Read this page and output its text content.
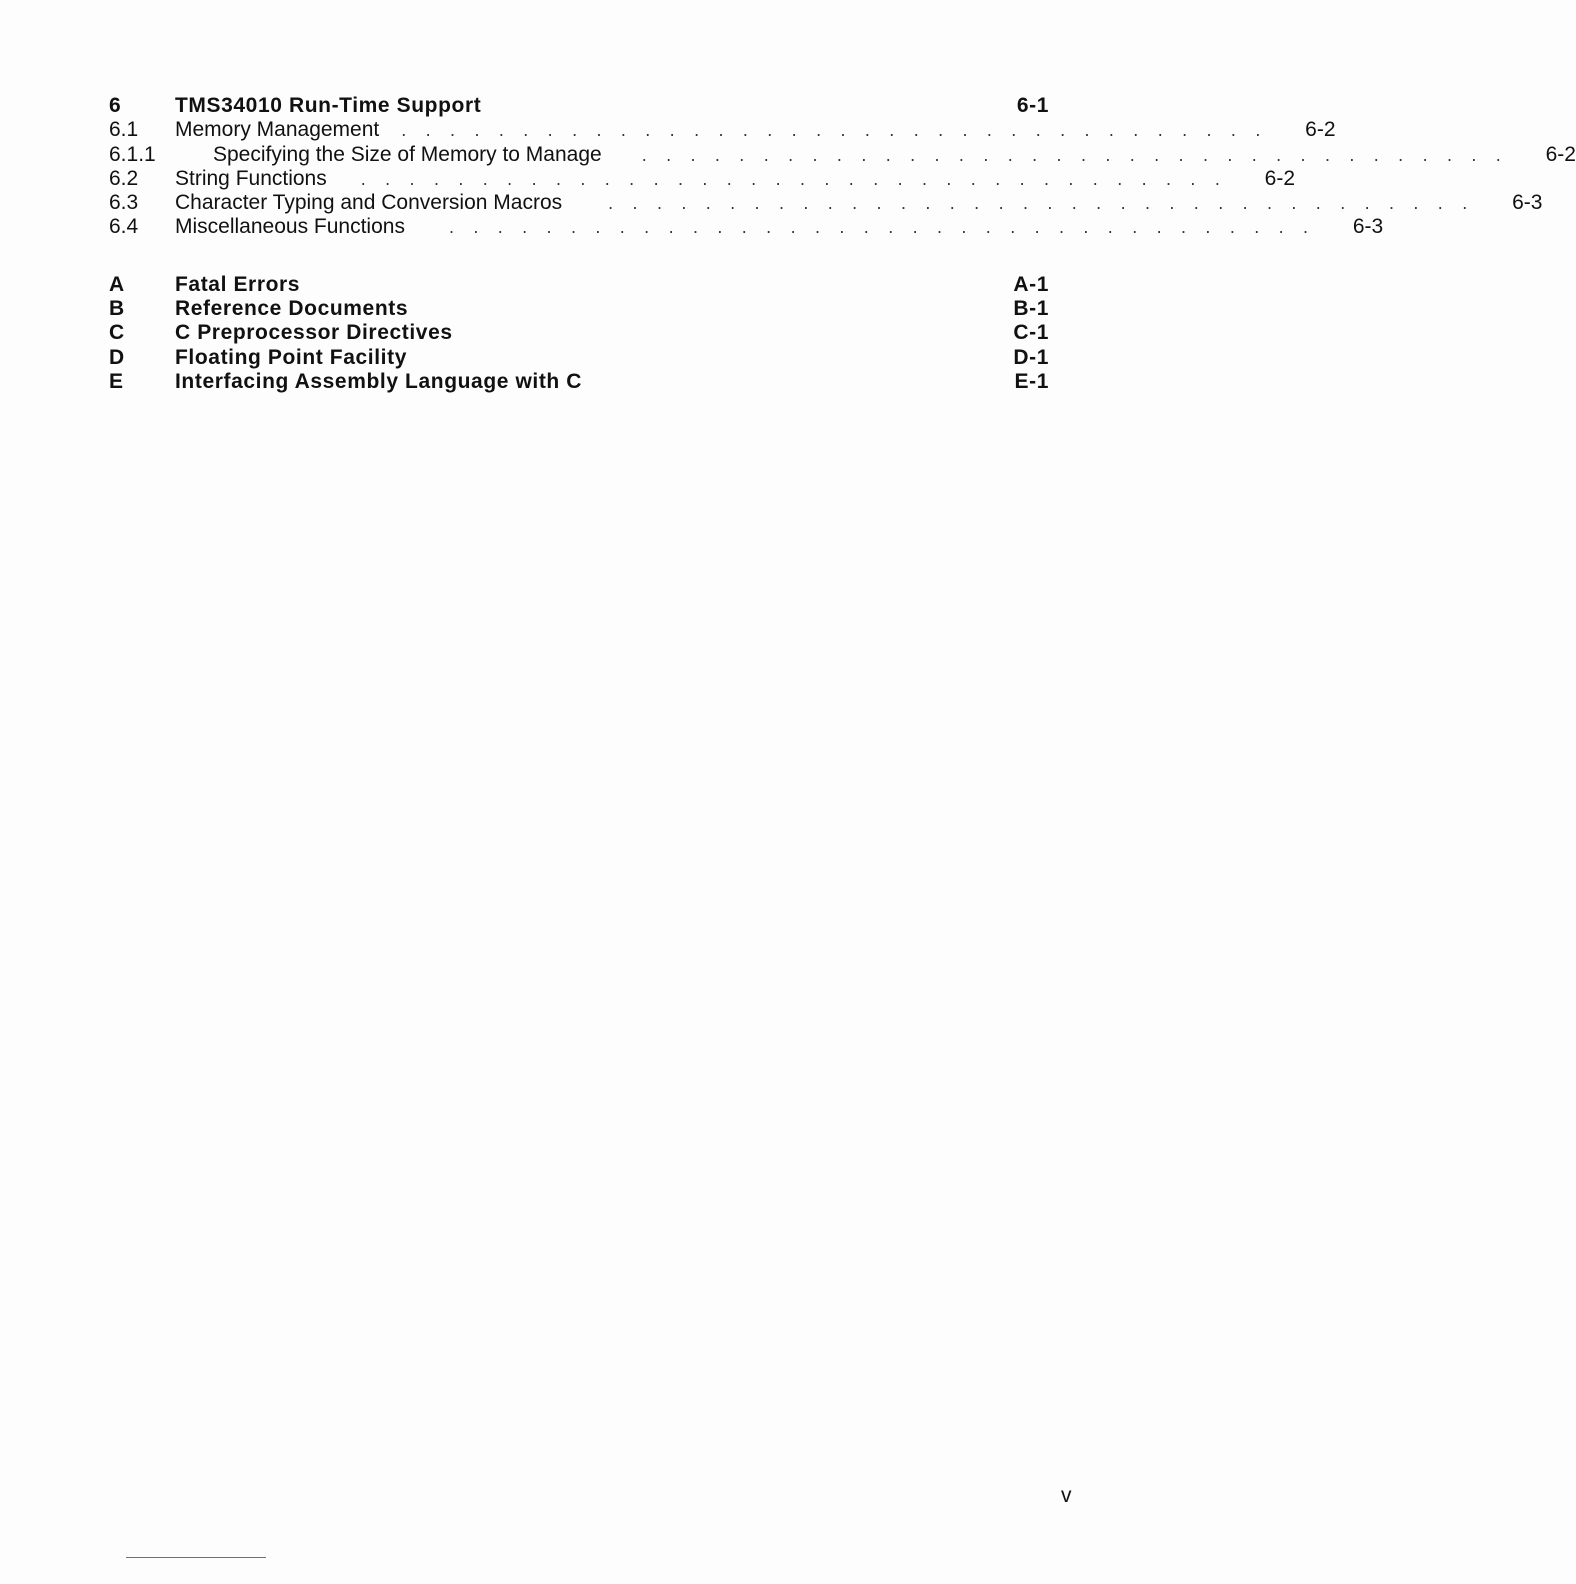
6	TMS34010 Run-Time Support	6-1
6.1	Memory Management	. . . . . . . . . . . . . . . . . . . . . . . . . . . . . . . . . . . .	6-2
6.1.1	Specifying the Size of Memory to Manage	. . . . . . . . . . . . . . . . . . . . . . . . . . . . . . . . . . . .	6-2
6.2	String Functions	. . . . . . . . . . . . . . . . . . . . . . . . . . . . . . . . . . . .	6-2
6.3	Character Typing and Conversion Macros	. . . . . . . . . . . . . . . . . . . . . . . . . . . . . . . . . . . .	6-3
6.4	Miscellaneous Functions	. . . . . . . . . . . . . . . . . . . . . . . . . . . . . . . . . . . .	6-3
A	Fatal Errors	A-1
B	Reference Documents	B-1
C	C Preprocessor Directives	C-1
D	Floating Point Facility	D-1
E	Interfacing Assembly Language with C	E-1
v
